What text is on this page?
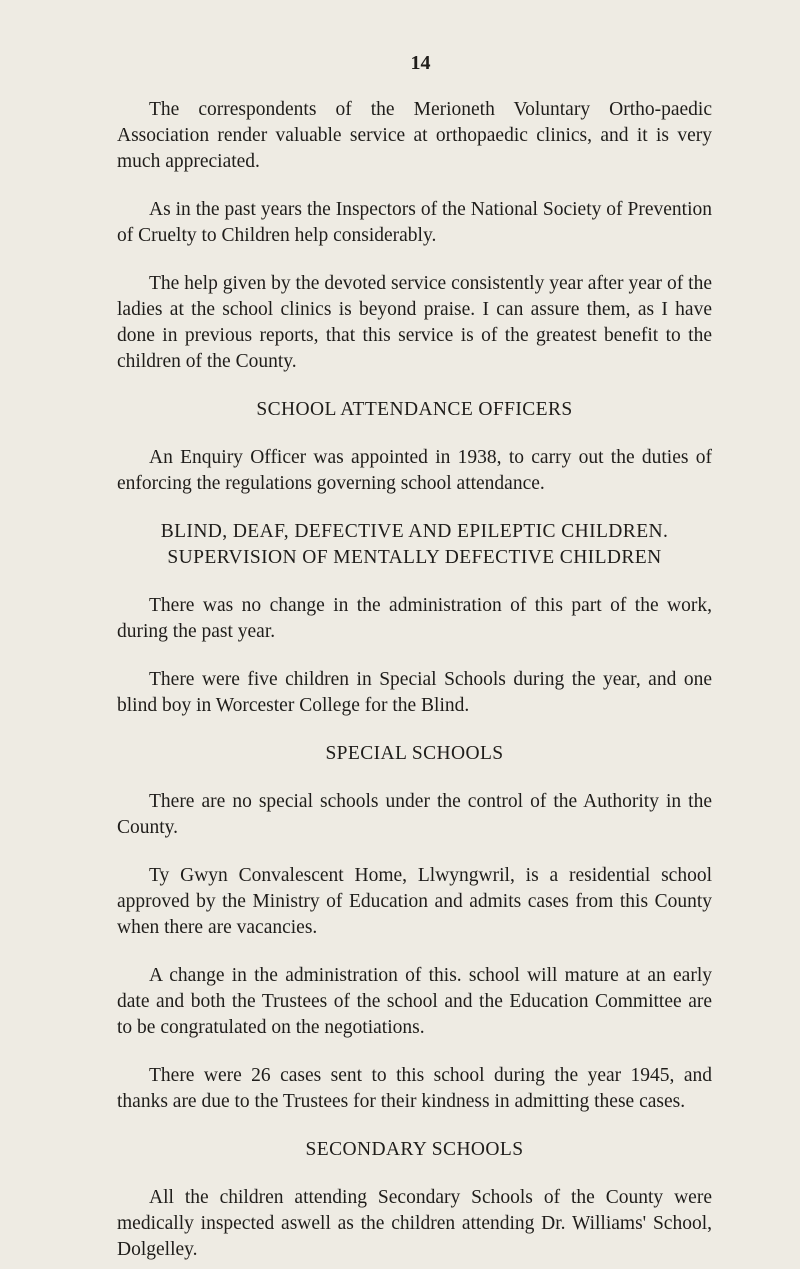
14

The correspondents of the Merioneth Voluntary Ortho-paedic Association render valuable service at orthopaedic clinics, and it is very much appreciated.

As in the past years the Inspectors of the National Society of Prevention of Cruelty to Children help considerably.

The help given by the devoted service consistently year after year of the ladies at the school clinics is beyond praise. I can assure them, as I have done in previous reports, that this service is of the greatest benefit to the children of the County.

SCHOOL ATTENDANCE OFFICERS

An Enquiry Officer was appointed in 1938, to carry out the duties of enforcing the regulations governing school attendance.

BLIND, DEAF, DEFECTIVE AND EPILEPTIC CHILDREN.
SUPERVISION OF MENTALLY DEFECTIVE CHILDREN

There was no change in the administration of this part of the work, during the past year.

There were five children in Special Schools during the year, and one blind boy in Worcester College for the Blind.

SPECIAL SCHOOLS

There are no special schools under the control of the Authority in the County.

Ty Gwyn Convalescent Home, Llwyngwril, is a residential school approved by the Ministry of Education and admits cases from this County when there are vacancies.

A change in the administration of this. school will mature at an early date and both the Trustees of the school and the Education Committee are to be congratulated on the negotiations.

There were 26 cases sent to this school during the year 1945, and thanks are due to the Trustees for their kindness in admitting these cases.

SECONDARY SCHOOLS

All the children attending Secondary Schools of the County were medically inspected aswell as the children attending Dr. Williams' School, Dolgelley.
